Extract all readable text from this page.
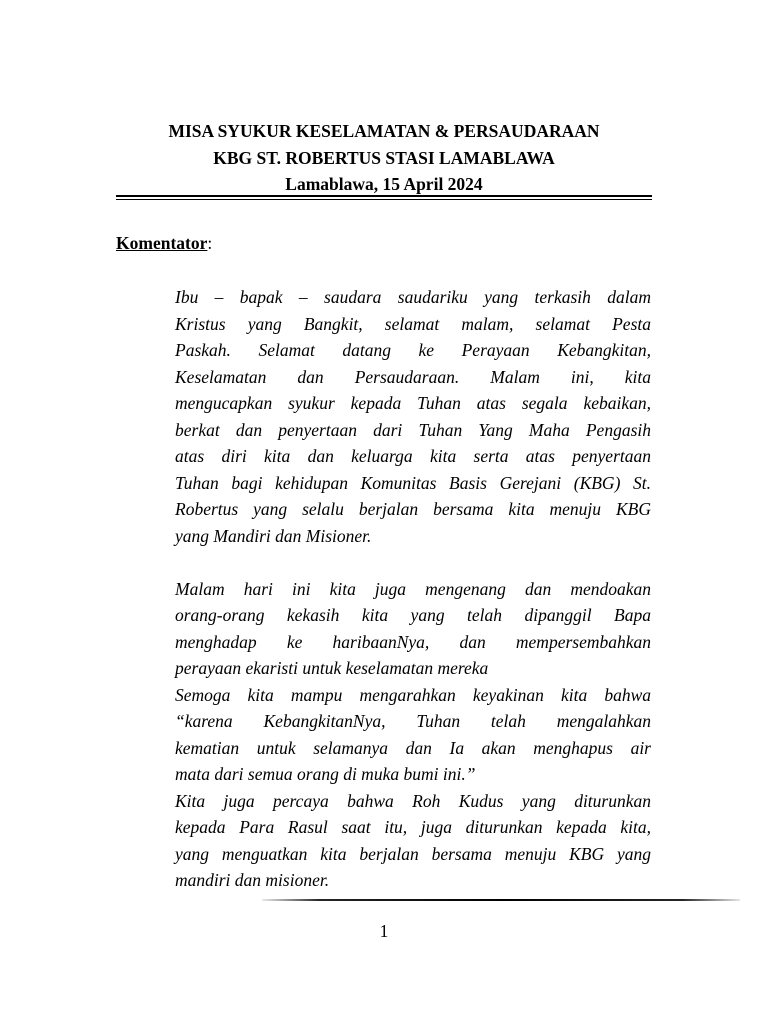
MISA SYUKUR KESELAMATAN & PERSAUDARAAN
KBG ST. ROBERTUS STASI LAMABLAWA
Lamablawa, 15 April 2024
Komentator:
Ibu – bapak – saudara saudariku yang terkasih dalam
Kristus yang Bangkit, selamat malam, selamat Pesta
Paskah. Selamat datang ke Perayaan Kebangkitan,
Keselamatan dan Persaudaraan. Malam ini, kita
mengucapkan syukur kepada Tuhan atas segala kebaikan,
berkat dan penyertaan dari Tuhan Yang Maha Pengasih
atas diri kita dan keluarga kita serta atas penyertaan
Tuhan bagi kehidupan Komunitas Basis Gerejani (KBG) St.
Robertus yang selalu berjalan bersama kita menuju KBG
yang Mandiri dan Misioner.
Malam hari ini kita juga mengenang dan mendoakan
orang-orang kekasih kita yang telah dipanggil Bapa
menghadap ke haribaanNya, dan mempersembahkan
perayaan ekaristi untuk keselamatan mereka
Semoga kita mampu mengarahkan keyakinan kita bahwa
“karena KebangkitanNya, Tuhan telah mengalahkan
kematian untuk selamanya dan Ia akan menghapus air
mata dari semua orang di muka bumi ini.”
Kita juga percaya bahwa Roh Kudus yang diturunkan
kepada Para Rasul saat itu, juga diturunkan kepada kita,
yang menguatkan kita berjalan bersama menuju KBG yang
mandiri dan misioner.
1
